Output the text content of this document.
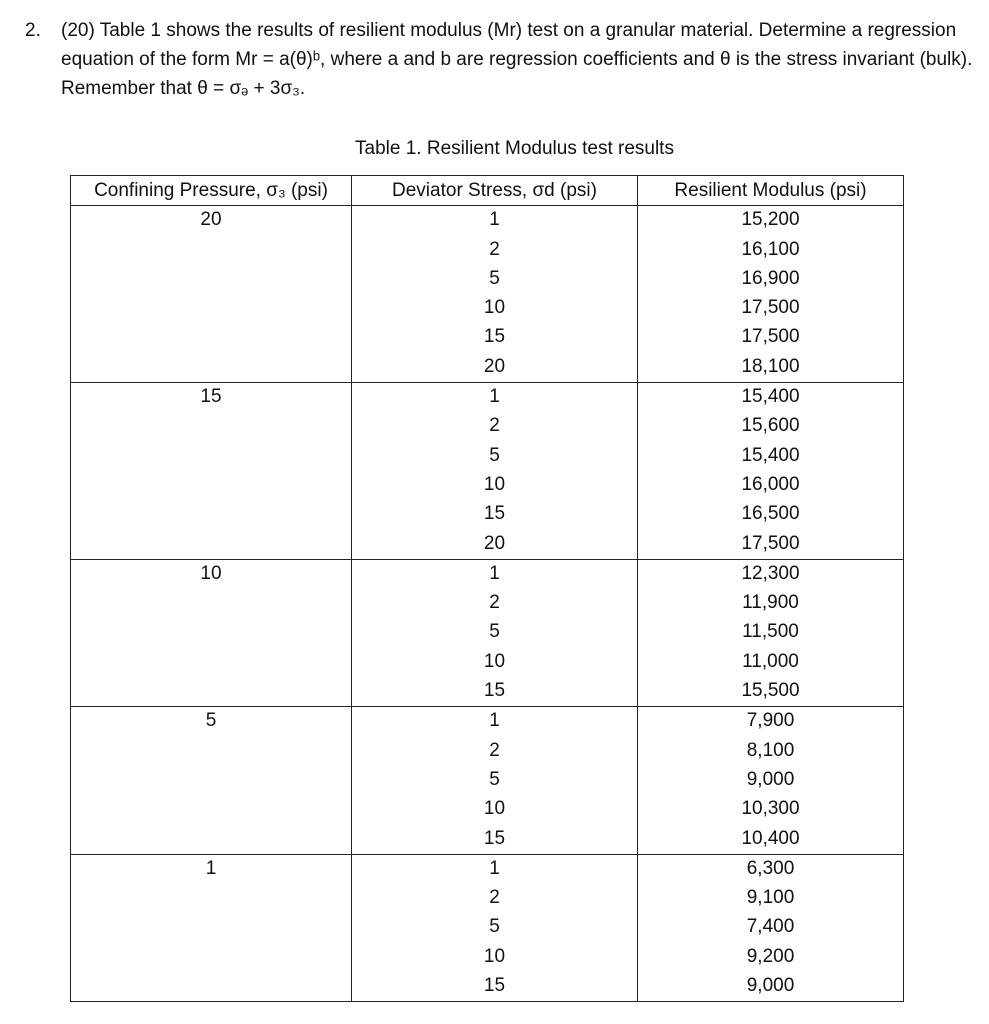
2. (20) Table 1 shows the results of resilient modulus (Mr) test on a granular material. Determine a regression equation of the form Mr = a(θ)ᵇ, where a and b are regression coefficients and θ is the stress invariant (bulk). Remember that θ = σₔ + 3σ₃.
Table 1. Resilient Modulus test results
Confining Pressure, σ₃ (psi)	Deviator Stress, σd (psi)	Resilient Modulus (psi)
20	1	15,200
	2	16,100
	5	16,900
	10	17,500
	15	17,500
	20	18,100
15	1	15,400
	2	15,600
	5	15,400
	10	16,000
	15	16,500
	20	17,500
10	1	12,300
	2	11,900
	5	11,500
	10	11,000
	15	15,500
5	1	7,900
	2	8,100
	5	9,000
	10	10,300
	15	10,400
1	1	6,300
	2	9,100
	5	7,400
	10	9,200
	15	9,000
